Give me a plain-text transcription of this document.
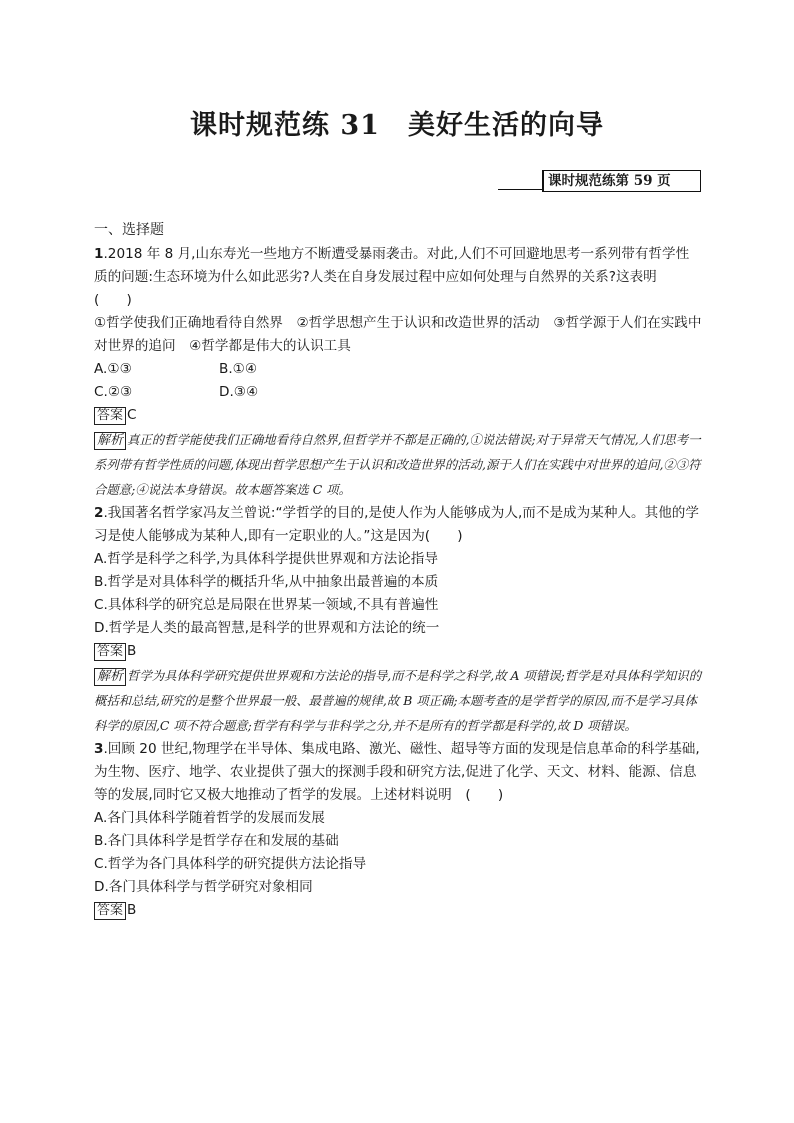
课时规范练 31　美好生活的向导
课时规范练第 59 页
一、选择题

1.2018 年 8 月,山东寿光一些地方不断遭受暴雨袭击。对此,人们不可回避地思考一系列带有哲学性质的问题:生态环境为什么如此恶劣?人类在自身发展过程中应如何处理与自然界的关系?这表明

(　　)

①哲学使我们正确地看待自然界　②哲学思想产生于认识和改造世界的活动　③哲学源于人们在实践中对世界的追问　④哲学都是伟大的认识工具

A.①③	B.①④
C.②③	D.③④

答案 C

解析 真正的哲学能使我们正确地看待自然界,但哲学并不都是正确的,①说法错误;对于异常天气情况,人们思考一系列带有哲学性质的问题,体现出哲学思想产生于认识和改造世界的活动,源于人们在实践中对世界的追问,②③符合题意;④说法本身错误。故本题答案选 C 项。

2.我国著名哲学家冯友兰曾说:“学哲学的目的,是使人作为人能够成为人,而不是成为某种人。其他的学习是使人能够成为某种人,即有一定职业的人。”这是因为(　　)

A.哲学是科学之科学,为具体科学提供世界观和方法论指导

B.哲学是对具体科学的概括升华,从中抽象出最普遍的本质

C.具体科学的研究总是局限在世界某一领域,不具有普遍性

D.哲学是人类的最高智慧,是科学的世界观和方法论的统一

答案 B

解析 哲学为具体科学研究提供世界观和方法论的指导,而不是科学之科学,故 A 项错误;哲学是对具体科学知识的概括和总结,研究的是整个世界最一般、最普遍的规律,故 B 项正确;本题考查的是学哲学的原因,而不是学习具体科学的原因,C 项不符合题意;哲学有科学与非科学之分,并不是所有的哲学都是科学的,故 D 项错误。

3.回顾 20 世纪,物理学在半导体、集成电路、激光、磁性、超导等方面的发现是信息革命的科学基础,为生物、医疗、地学、农业提供了强大的探测手段和研究方法,促进了化学、天文、材料、能源、信息等的发展,同时它又极大地推动了哲学的发展。上述材料说明　(　　)

A.各门具体科学随着哲学的发展而发展

B.各门具体科学是哲学存在和发展的基础

C.哲学为各门具体科学的研究提供方法论指导

D.各门具体科学与哲学研究对象相同

答案 B
